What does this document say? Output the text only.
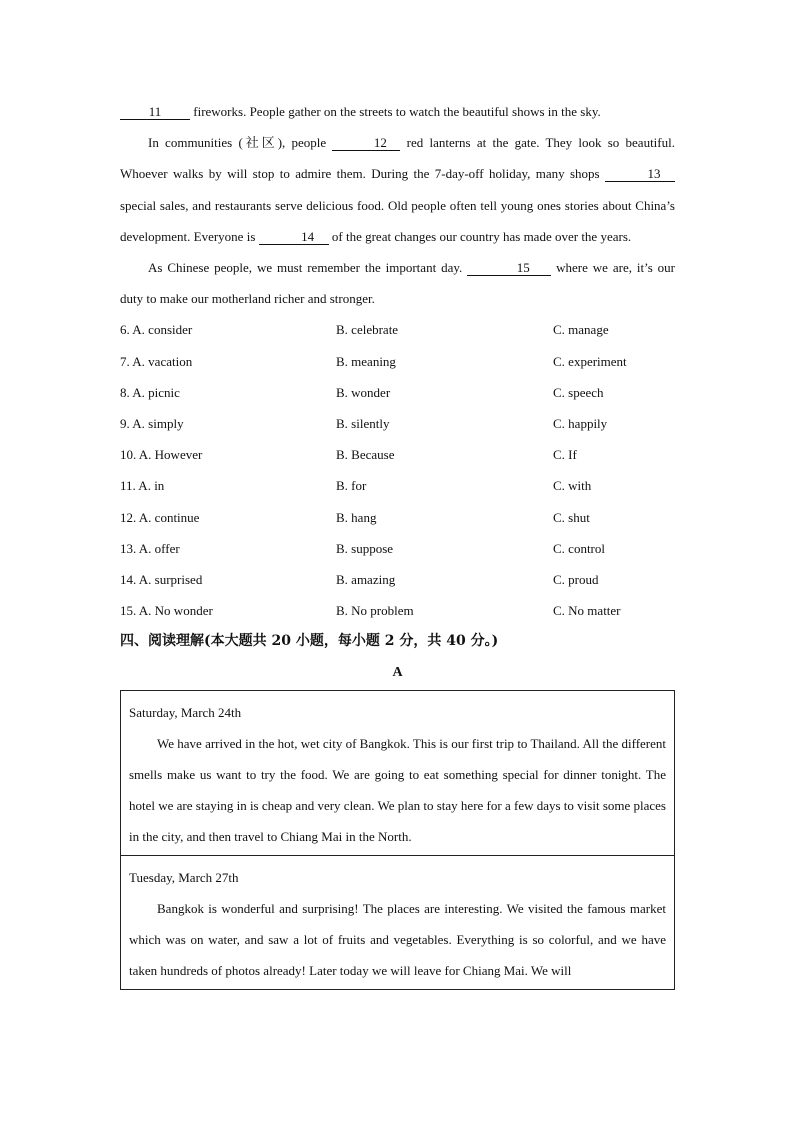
11 fireworks. People gather on the streets to watch the beautiful shows in the sky.

In communities (社区), people	12 red lanterns at the gate. They look so beautiful. Whoever walks by will stop to admire them. During the 7-day-off holiday, many shops	13 special sales, and restaurants serve delicious food. Old people often tell young ones stories about China’s development. Everyone is	14 of the great changes our country has made over the years.

As Chinese people, we must remember the important day.	15 where we are, it’s our duty to make our motherland richer and stronger.

6. A. consider	B. celebrate	C. manage
7. A. vacation	B. meaning	C. experiment
8. A. picnic	B. wonder	C. speech
9. A. simply	B. silently	C. happily
10. A. However	B. Because	C. If
11. A. in	B. for	C. with
12. A. continue	B. hang	C. shut
13. A. offer	B. suppose	C. control
14. A. surprised	B. amazing	C. proud
15. A. No wonder	B. No problem	C. No matter

四、阅读理解(本大题共 20 小题，每小题 2 分，共 40 分。)

A

Saturday, March 24th

We have arrived in the hot, wet city of Bangkok. This is our first trip to Thailand. All the different smells make us want to try the food. We are going to eat something special for dinner tonight. The hotel we are staying in is cheap and very clean. We plan to stay here for a few days to visit some places in the city, and then travel to Chiang Mai in the North.

Tuesday, March 27th

Bangkok is wonderful and surprising! The places are interesting. We visited the famous market which was on water, and saw a lot of fruits and vegetables. Everything is so colorful, and we have taken hundreds of photos already! Later today we will leave for Chiang Mai. We will
